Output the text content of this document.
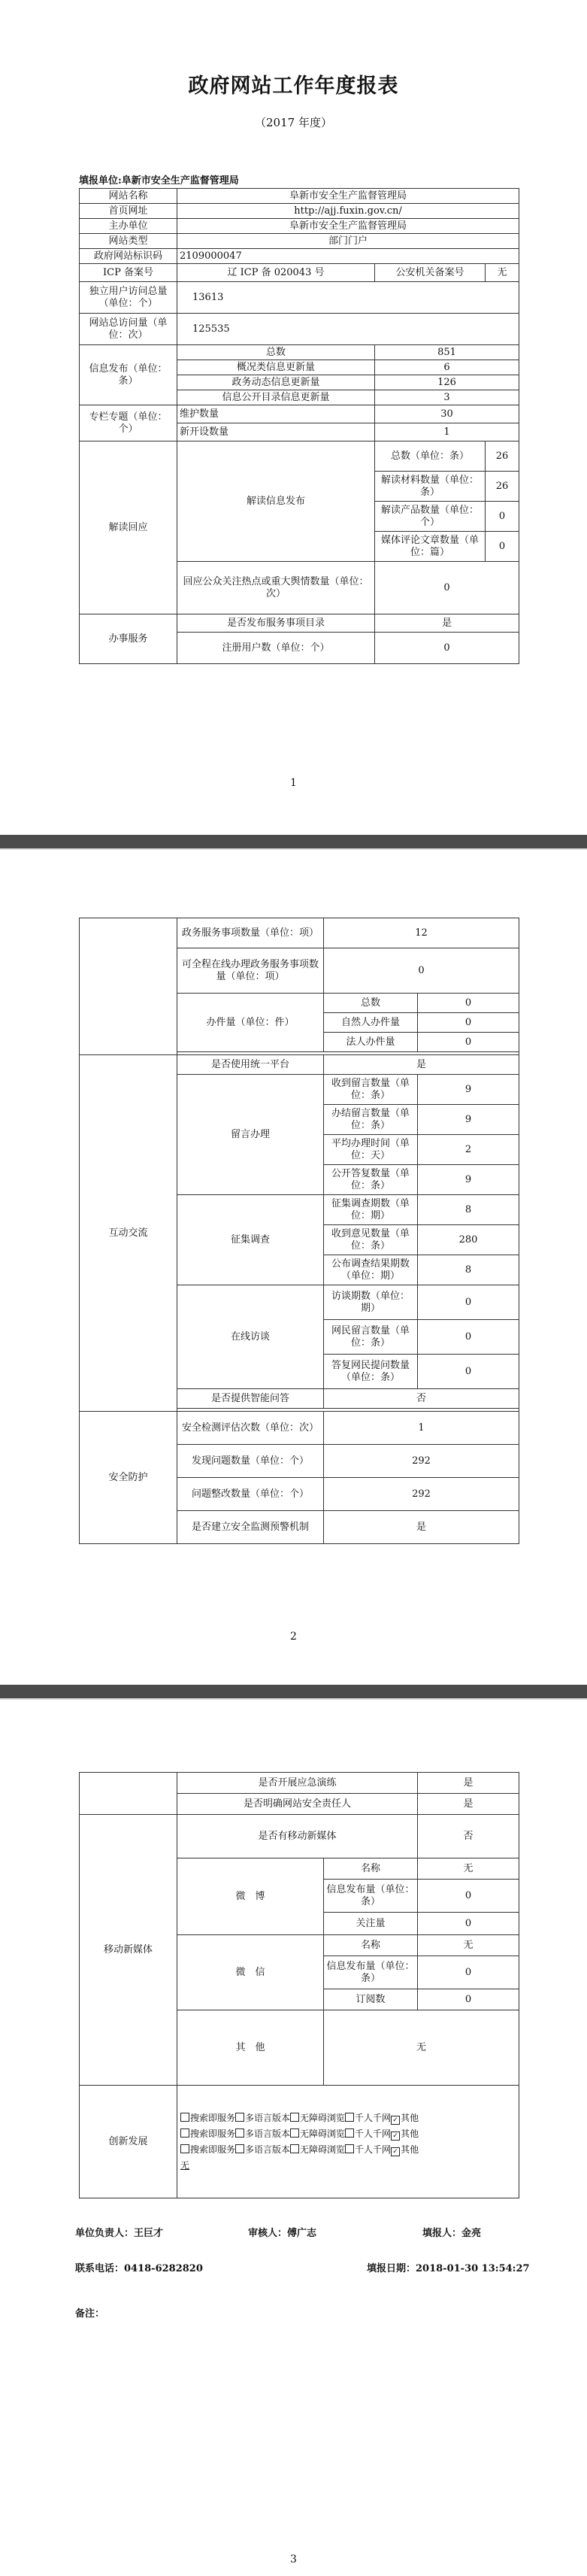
政府网站工作年度报表
（2017 年度）
填报单位:阜新市安全生产监督管理局
网站名称	阜新市安全生产监督管理局		
首页网址	http://ajj.fuxin.gov.cn/		
主办单位	阜新市安全生产监督管理局		
网站类型	部门门户		
政府网站标识码	2109000047		
ICP 备案号	辽 ICP 备 020043 号	公安机关备案号	无
独立用户访问总量（单位：个）	13613		
网站总访问量（单位：次）	125535		
信息发布（单位：条）	总数	851	
	概况类信息更新量	6	
	政务动态信息更新量	126	
	信息公开目录信息更新量	3	
专栏专题（单位：个）	维护数量	30	
	新开设数量	1	
解读回应	解读信息发布	总数（单位：条）	26
		解读材料数量（单位：条）	26
		解读产品数量（单位：个）	0
		媒体评论文章数量（单位：篇）	0
	回应公众关注热点或重大舆情数量（单位：次）	0	
办事服务	是否发布服务事项目录	是	
	注册用户数（单位：个）	0	
1
	政务服务事项数量（单位：项）	12	
	可全程在线办理政务服务事项数量（单位：项）	0	
	办件量（单位：件）	总数	0
		自然人办件量	0
		法人办件量	0

互动交流	是否使用统一平台	是	
	留言办理	收到留言数量（单位：条）	9
		办结留言数量（单位：条）	9
		平均办理时间（单位：天）	2
		公开答复数量（单位：条）	9
	征集调查	征集调查期数（单位：期）	8
		收到意见数量（单位：条）	280
		公布调查结果期数（单位：期）	8
	在线访谈	访谈期数（单位：期）	0
		网民留言数量（单位：条）	0
		答复网民提问数量（单位：条）	0
	是否提供智能问答	否	

安全防护	安全检测评估次数（单位：次）	1	
	发现问题数量（单位：个）	292	
	问题整改数量（单位：个）	292	
	是否建立安全监测预警机制	是	
2
	是否开展应急演练		是
	是否明确网站安全责任人		是
移动新媒体	是否有移动新媒体		否
	微　博	名称	无
		信息发布量（单位：条）	0
		关注量	0
	微　信	名称	无
		信息发布量（单位：条）	0
		订阅数	0
	其　他	无	
创新发展	搜索即服务 多语言版本 无障碍浏览 千人千网 ✓ 其他
搜索即服务 多语言版本 无障碍浏览 千人千网 ✓ 其他
搜索即服务 多语言版本 无障碍浏览 千人千网 ✓ 其他
无		
单位负责人：王巨才	审核人：傅广志	填报人：金亮
联系电话：0418-6282820	填报日期：2018-01-30 13:54:27
备注：
3
